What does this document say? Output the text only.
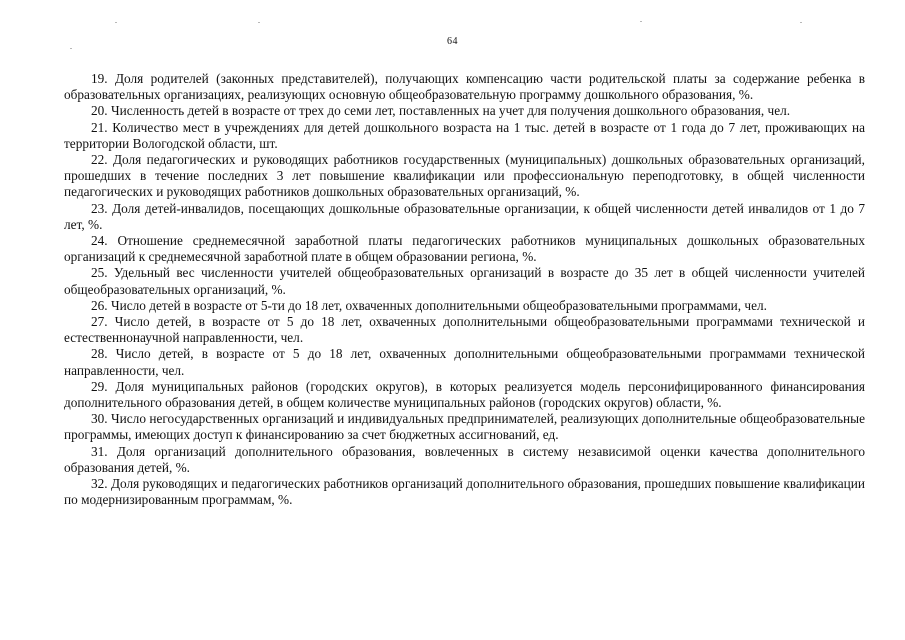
64

19. Доля родителей (законных представителей), получающих компенсацию части родительской платы за содержание ребенка в образовательных организациях, реализующих основную общеобразовательную программу дошкольного образования, %.

20. Численность детей в возрасте от трех до семи лет, поставленных на учет для получения дошкольного образования, чел.

21. Количество мест в учреждениях для детей дошкольного возраста на 1 тыс. детей в возрасте от 1 года до 7 лет, проживающих на территории Вологодской области, шт.

22. Доля педагогических и руководящих работников государственных (муниципальных) дошкольных образовательных организаций, прошедших в течение последних 3 лет повышение квалификации или профессиональную переподготовку, в общей численности педагогических и руководящих работников дошкольных образовательных организаций, %.

23. Доля детей-инвалидов, посещающих дошкольные образовательные организации, к общей численности детей инвалидов от 1 до 7 лет, %.

24. Отношение среднемесячной заработной платы педагогических работников муниципальных дошкольных образовательных организаций к среднемесячной заработной плате в общем образовании региона, %.

25. Удельный вес численности учителей общеобразовательных организаций в возрасте до 35 лет в общей численности учителей общеобразовательных организаций, %.

26. Число детей в возрасте от 5-ти до 18 лет, охваченных дополнительными общеобразовательными программами, чел.

27. Число детей, в возрасте от 5 до 18 лет, охваченных дополнительными общеобразовательными программами технической и естественнонаучной направленности, чел.

28. Число детей, в возрасте от 5 до 18 лет, охваченных дополнительными общеобразовательными программами технической направленности, чел.

29. Доля муниципальных районов (городских округов), в которых реализуется модель персонифицированного финансирования дополнительного образования детей, в общем количестве муниципальных районов (городских округов) области, %.

30. Число негосударственных организаций и индивидуальных предпринимателей, реализующих дополнительные общеобразовательные программы, имеющих доступ к финансированию за счет бюджетных ассигнований, ед.

31. Доля организаций дополнительного образования, вовлеченных в систему независимой оценки качества дополнительного образования детей, %.

32. Доля руководящих и педагогических работников организаций дополнительного образования, прошедших повышение квалификации по модернизированным программам, %.
